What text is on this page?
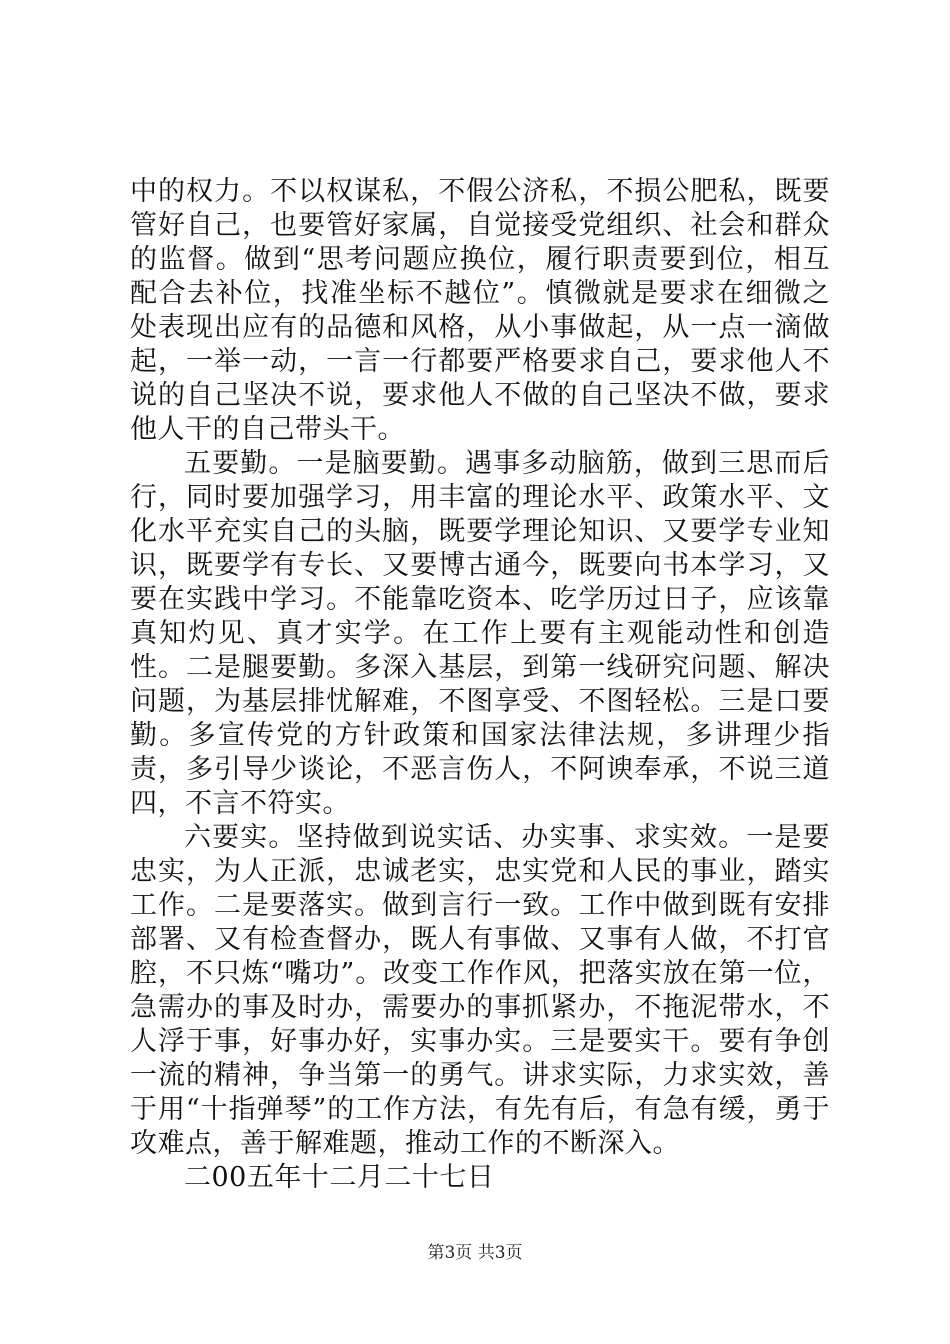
中的权力。不以权谋私，不假公济私，不损公肥私，既要管好自己，也要管好家属，自觉接受党组织、社会和群众的监督。做到“思考问题应换位，履行职责要到位，相互配合去补位，找准坐标不越位”。慎微就是要求在细微之处表现出应有的品德和风格，从小事做起，从一点一滴做起，一举一动，一言一行都要严格要求自己，要求他人不说的自己坚决不说，要求他人不做的自己坚决不做，要求他人干的自己带头干。

五要勤。一是脑要勤。遇事多动脑筋，做到三思而后行，同时要加强学习，用丰富的理论水平、政策水平、文化水平充实自己的头脑，既要学理论知识、又要学专业知识，既要学有专长、又要博古通今，既要向书本学习，又要在实践中学习。不能靠吃资本、吃学历过日子，应该靠真知灼见、真才实学。在工作上要有主观能动性和创造性。二是腿要勤。多深入基层，到第一线研究问题、解决问题，为基层排忧解难，不图享受、不图轻松。三是口要勤。多宣传党的方针政策和国家法律法规，多讲理少指责，多引导少谈论，不恶言伤人，不阿谀奉承，不说三道四，不言不符实。

六要实。坚持做到说实话、办实事、求实效。一是要忠实，为人正派，忠诚老实，忠实党和人民的事业，踏实工作。二是要落实。做到言行一致。工作中做到既有安排部署、又有检查督办，既人有事做、又事有人做，不打官腔，不只炼“嘴功”。改变工作作风，把落实放在第一位，急需办的事及时办，需要办的事抓紧办，不拖泥带水，不人浮于事，好事办好，实事办实。三是要实干。要有争创一流的精神，争当第一的勇气。讲求实际，力求实效，善于用“十指弹琴”的工作方法，有先有后，有急有缓，勇于攻难点，善于解难题，推动工作的不断深入。

二00五年十二月二十七日

第3页 共3页
